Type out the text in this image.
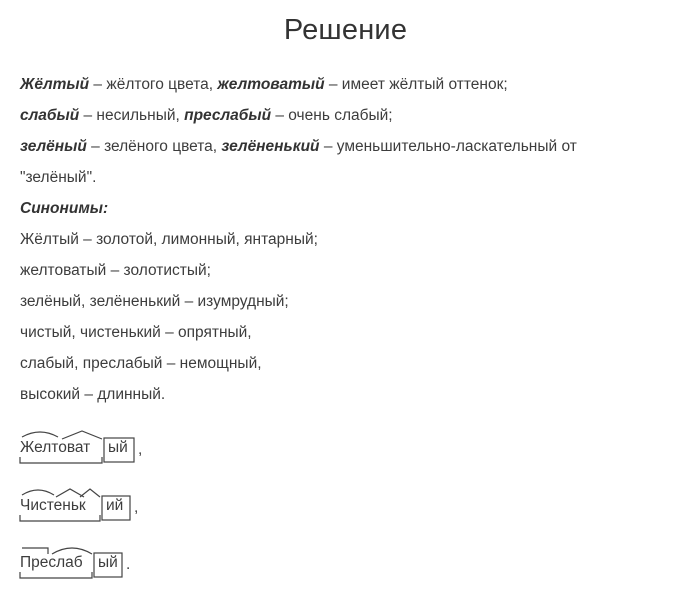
Решение
Жёлтый – жёлтого цвета, желтоватый – имеет жёлтый оттенок;
слабый – несильный, преслабый – очень слабый;
зелёный – зелёного цвета, зелёненький – уменьшительно-ласкательный от
"зелёный".
Синонимы:
Жёлтый – золотой, лимонный, янтарный;
желтоватый – золотистый;
зелёный, зелёненький – изумрудный;
чистый, чистенький – опрятный,
слабый, преслабый – немощный,
высокий – длинный.
Желтоват ый ,
Чистеньк ий ,
Преслаб ый .
